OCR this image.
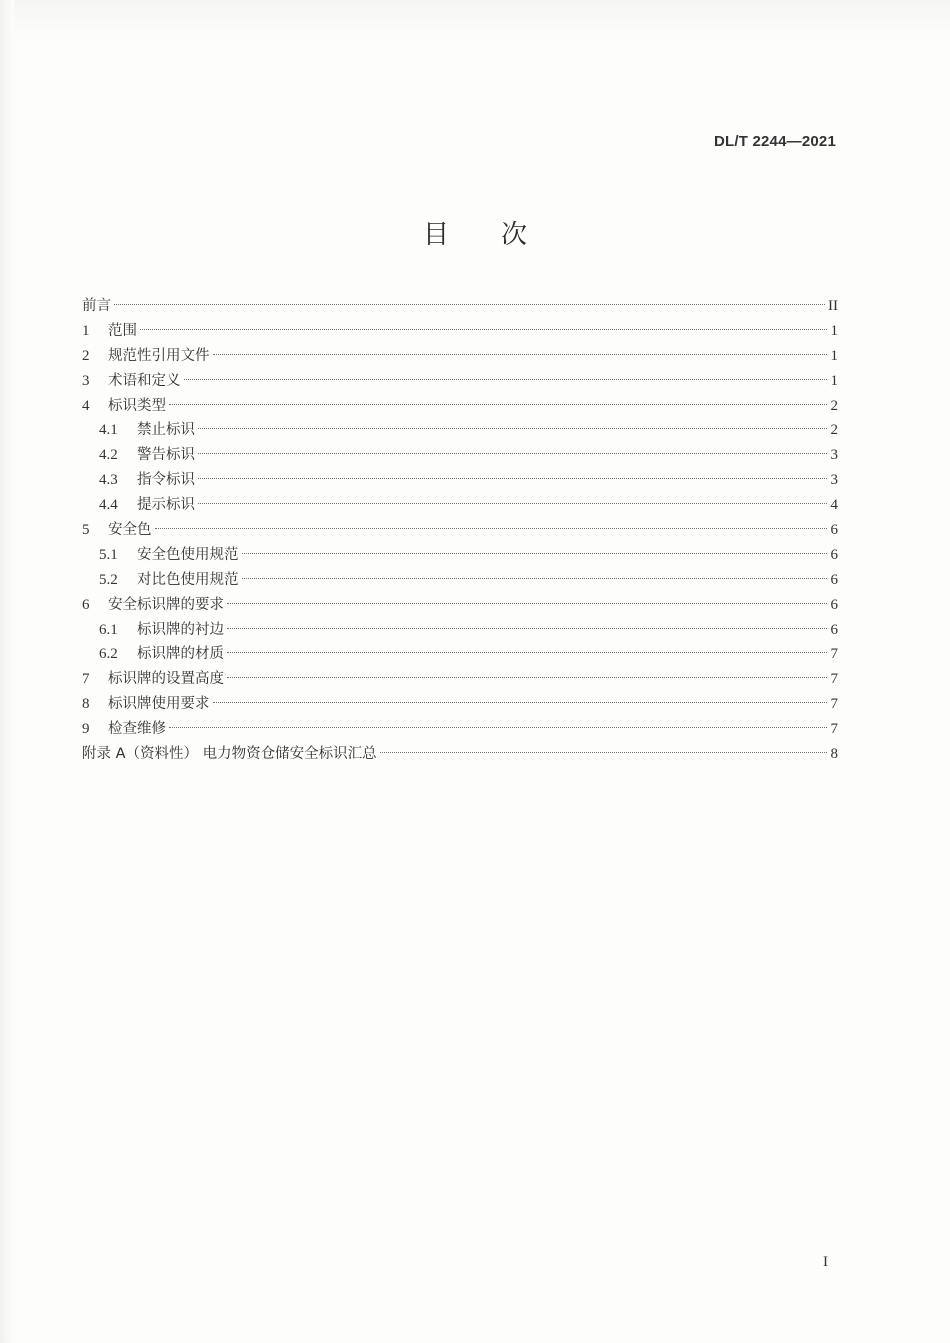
DL/T 2244—2021
目次
前言	II
1	范围	1
2	规范性引用文件	1
3	术语和定义	1
4	标识类型	2
4.1	禁止标识	2
4.2	警告标识	3
4.3	指令标识	3
4.4	提示标识	4
5	安全色	6
5.1	安全色使用规范	6
5.2	对比色使用规范	6
6	安全标识牌的要求	6
6.1	标识牌的衬边	6
6.2	标识牌的材质	7
7	标识牌的设置高度	7
8	标识牌使用要求	7
9	检查维修	7
附录 A（资料性） 电力物资仓储安全标识汇总	8
I
